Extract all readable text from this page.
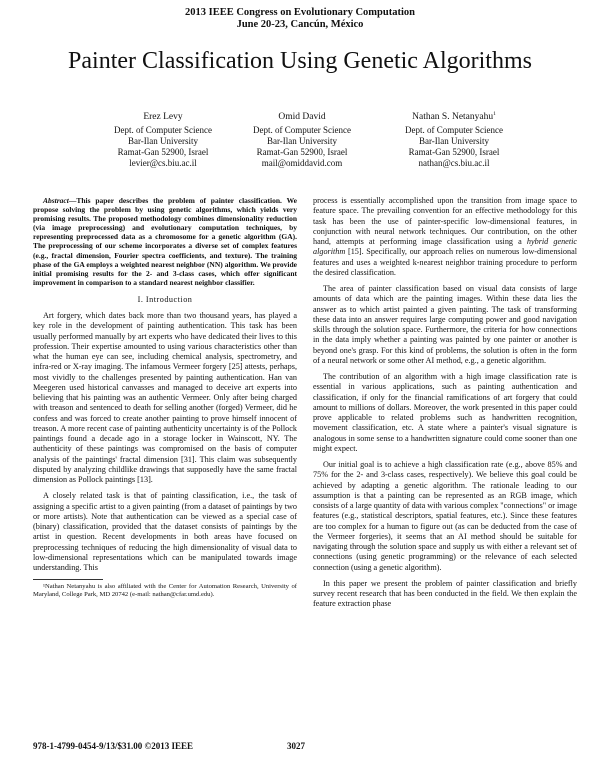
2013 IEEE Congress on Evolutionary Computation
June 20-23, Cancún, México
Painter Classification Using Genetic Algorithms
Erez Levy
Dept. of Computer Science
Bar-Ilan University
Ramat-Gan 52900, Israel
levier@cs.biu.ac.il
Omid David
Dept. of Computer Science
Bar-Ilan University
Ramat-Gan 52900, Israel
mail@omiddavid.com
Nathan S. Netanyahu$^1$
Dept. of Computer Science
Bar-Ilan University
Ramat-Gan 52900, Israel
nathan@cs.biu.ac.il

Abstract—This paper describes the problem of painter classification. We propose solving the problem by using genetic algorithms, which yields very promising results. The proposed methodology combines dimensionality reduction (via image preprocessing) and evolutionary computation techniques, by representing preprocessed data as a chromosome for a genetic algorithm (GA). The preprocessing of our scheme incorporates a diverse set of complex features (e.g., fractal dimension, Fourier spectra coefficients, and texture). The training phase of the GA employs a weighted nearest neighbor (NN) algorithm. We provide initial promising results for the 2- and 3-class cases, which offer significant improvement in comparison to a standard nearest neighbor classifier.

I. Introduction

Art forgery, which dates back more than two thousand years, has played a key role in the development of painting authentication. This task has been usually performed manually by art experts who have dedicated their lives to this profession. Their expertise amounted to using various characteristics other than what the human eye can see, including chemical analysis, spectrometry, and infra-red or X-ray imaging. The infamous Vermeer forgery [25] attests, perhaps, most vividly to the challenges presented by painting authentication. Han van Meegeren used historical canvasses and managed to deceive art experts into believing that his painting was an authentic Vermeer. Only after being charged with treason and sentenced to death for selling another (forged) Vermeer, did he confess and was forced to create another painting to prove himself innocent of treason. A more recent case of painting authenticity uncertainty is of the Pollock paintings found a decade ago in a storage locker in Wainscott, NY. The authenticity of these paintings was compromised on the basis of computer analysis of the paintings' fractal dimension [31]. This claim was subsequently disputed by analyzing childlike drawings that supposedly have the same fractal dimension as Pollock paintings [13].

A closely related task is that of painting classification, i.e., the task of assigning a specific artist to a given painting (from a dataset of paintings by two or more artists). Note that authentication can be viewed as a special case of (binary) classification, provided that the dataset consists of paintings by the artist in question. Recent developments in both areas have focused on preprocessing techniques of reducing the high dimensionality of visual data to low-dimensional representations which can be manipulated towards image understanding. This

¹Nathan Netanyahu is also affiliated with the Center for Automation Research, University of Maryland, College Park, MD 20742 (e-mail: nathan@cfar.umd.edu).

process is essentially accomplished upon the transition from image space to feature space. The prevailing convention for an effective methodology for this task has been the use of painter-specific low-dimensional features, in conjunction with neural network techniques. Our contribution, on the other hand, attempts at performing image classification using a hybrid genetic algorithm [15]. Specifically, our approach relies on numerous low-dimensional features and uses a weighted k-nearest neighbor training procedure to perform the desired classification.

The area of painter classification based on visual data consists of large amounts of data which are the painting images. Within these data lies the answer as to which artist painted a given painting. The task of transforming these data into an answer requires large computing power and good navigation skills through the solution space. Furthermore, the criteria for how connections in the data imply whether a painting was painted by one painter or another is beyond one's grasp. For this kind of problems, the solution is often in the form of a neural network or some other AI method, e.g., a genetic algorithm.

The contribution of an algorithm with a high image classification rate is essential in various applications, such as painting authentication and classification, if only for the financial ramifications of art forgery that could amount to millions of dollars. Moreover, the work presented in this paper could prove applicable to related problems such as handwritten recognition, movement classification, etc. A state where a painter's visual signature is analogous in some sense to a handwritten signature could come sooner than one might expect.

Our initial goal is to achieve a high classification rate (e.g., above 85% and 75% for the 2- and 3-class cases, respectively). We believe this goal could be achieved by adapting a genetic algorithm. The rationale leading to our assumption is that a painting can be represented as an RGB image, which consists of a large quantity of data with various complex "connections" or image features (e.g., statistical descriptors, spatial features, etc.). Since these features are too complex for a human to figure out (as can be deducted from the case of the Vermeer forgeries), it seems that an AI method should be suitable for navigating through the solution space and supply us with either a relevant set of connections (using genetic programming) or the relevance of each selected connection (using a genetic algorithm).

In this paper we present the problem of painter classification and briefly survey recent research that has been conducted in the field. We then explain the feature extraction phase

978-1-4799-0454-9/13/$31.00 ©2013 IEEE	3027
